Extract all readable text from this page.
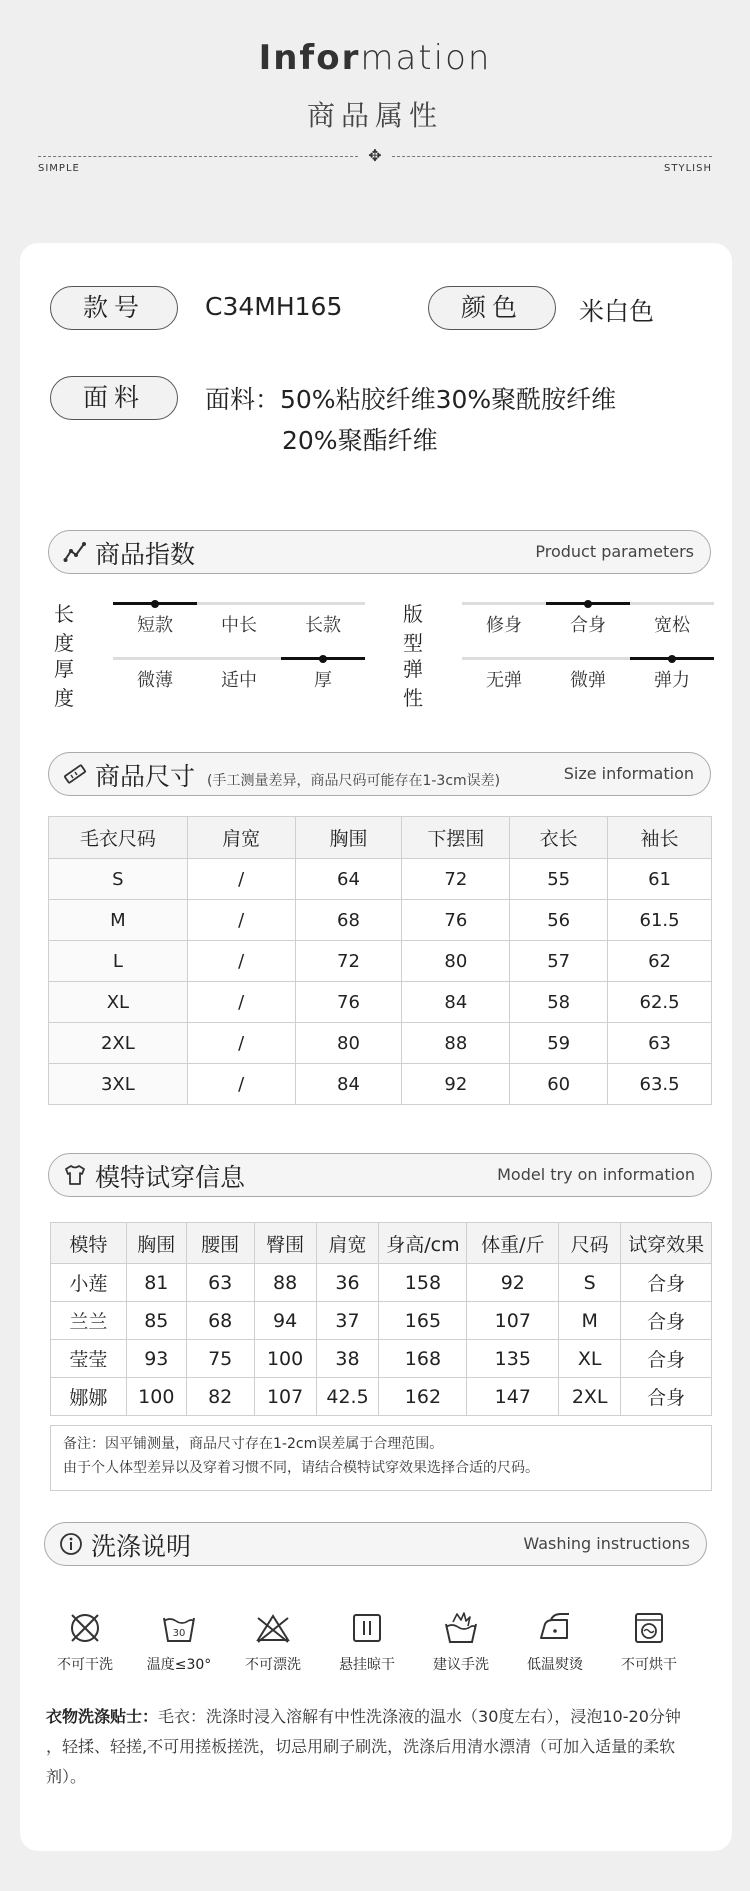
Information
商品属性
✥
SIMPLE	STYLISH
款号	C34MH165	颜色	米白色
面料	面料：50%粘胶纤维30%聚酰胺纤维
20%聚酯纤维
商品指数	Product parameters
长度
短款	中长	长款	版型
修身	合身	宽松
厚度
微薄	适中	厚	弹性
无弹	微弹	弹力
商品尺寸 (手工测量差异，商品尺码可能存在1-3cm误差)	Size information
毛衣尺码	肩宽	胸围	下摆围	衣长	袖长
S	/	64	72	55	61
M	/	68	76	56	61.5
L	/	72	80	57	62
XL	/	76	84	58	62.5
2XL	/	80	88	59	63
3XL	/	84	92	60	63.5
模特试穿信息	Model try on information
模特	胸围	腰围	臀围	肩宽	身高/cm	体重/斤	尺码	试穿效果
小莲	81	63	88	36	158	92	S	合身
兰兰	85	68	94	37	165	107	M	合身
莹莹	93	75	100	38	168	135	XL	合身
娜娜	100	82	107	42.5	162	147	2XL	合身
备注：因平铺测量，商品尺寸存在1-2cm误差属于合理范围。
由于个人体型差异以及穿着习惯不同，请结合模特试穿效果选择合适的尺码。
洗涤说明	Washing instructions
不可干洗
30
温度≤30°	不可漂洗	悬挂晾干	建议手洗	低温熨烫	不可烘干
衣物洗涤贴士：毛衣：洗涤时浸入溶解有中性洗涤液的温水（30度左右），浸泡10-20分钟
，轻揉、轻搓,不可用搓板搓洗，切忌用刷子刷洗，洗涤后用清水漂清（可加入适量的柔软
剂）。
